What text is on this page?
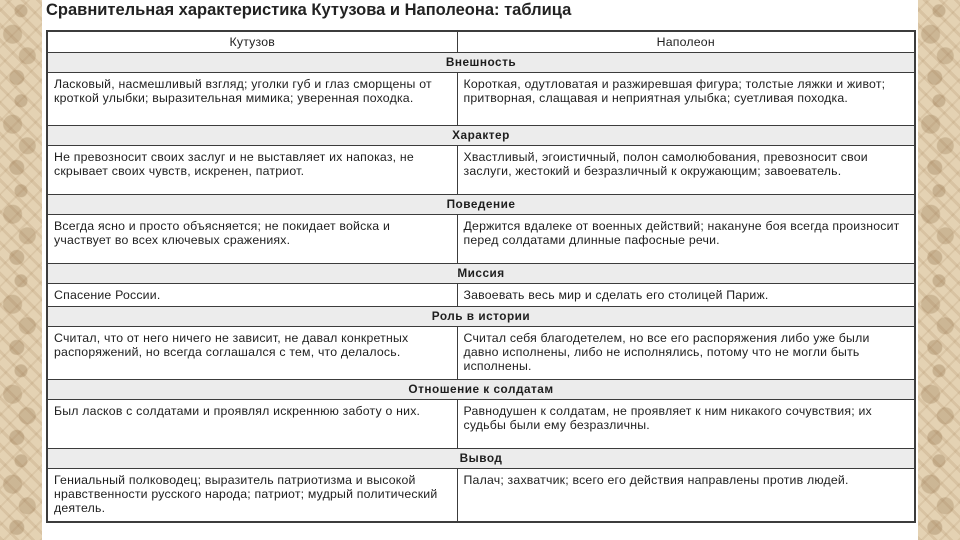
Сравнительная характеристика Кутузова и Наполеона: таблица
Кутузов	Наполеон
Внешность	
Ласковый, насмешливый взгляд; уголки губ и глаз сморщены от кроткой улыбки; выразительная мимика; уверенная походка.	Короткая, одутловатая и разжиревшая фигура; толстые ляжки и живот; притворная, слащавая и неприятная улыбка; суетливая походка.
Характер	
Не превозносит своих заслуг и не выставляет их напоказ, не скрывает своих чувств, искренен, патриот.	Хвастливый, эгоистичный, полон самолюбования, превозносит свои заслуги, жестокий и безразличный к окружающим; завоеватель.
Поведение	
Всегда ясно и просто объясняется; не покидает войска и участвует во всех ключевых сражениях.	Держится вдалеке от военных действий; накануне боя всегда произносит перед солдатами длинные пафосные речи.
Миссия	
Спасение России.	Завоевать весь мир и сделать его столицей Париж.
Роль в истории	
Считал, что от него ничего не зависит, не давал конкретных распоряжений, но всегда соглашался с тем, что делалось.	Считал себя благодетелем, но все его распоряжения либо уже были давно исполнены, либо не исполнялись, потому что не могли быть исполнены.
Отношение к солдатам	
Был ласков с солдатами и проявлял искреннюю заботу о них.	Равнодушен к солдатам, не проявляет к ним никакого сочувствия; их судьбы были ему безразличны.
Вывод	
Гениальный полководец; выразитель патриотизма и высокой нравственности русского народа; патриот; мудрый политический деятель.	Палач; захватчик; всего его действия направлены против людей.
